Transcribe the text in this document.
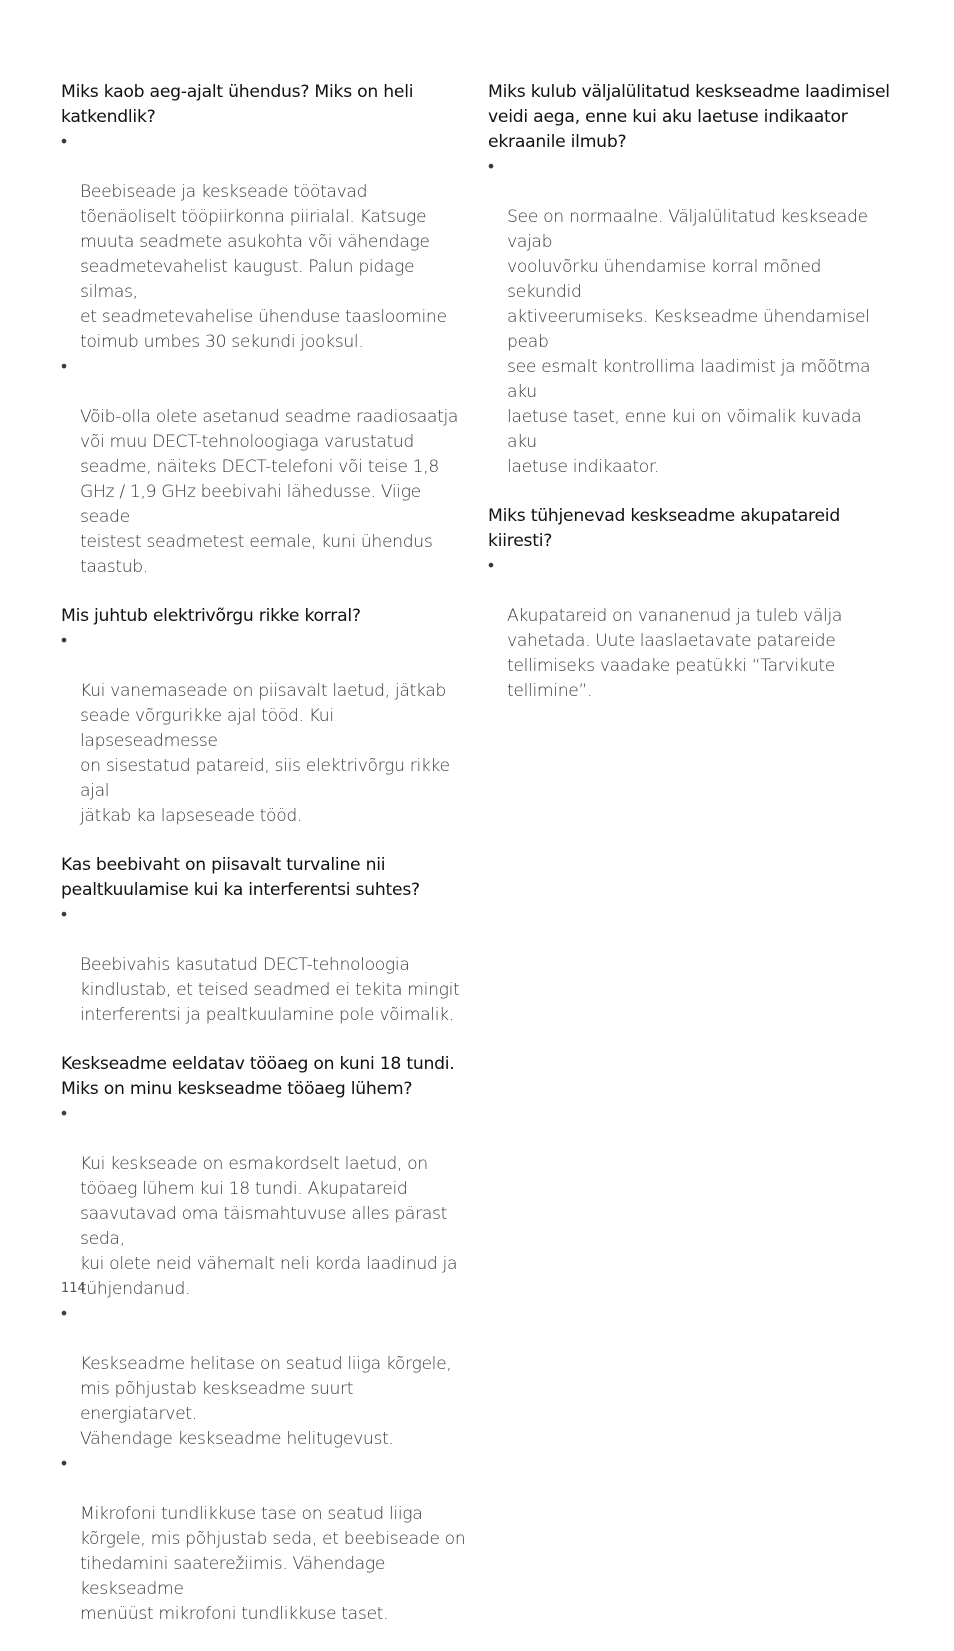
Miks kaob aeg-ajalt ühendus? Miks on heli
katkendlik?

•

Beebiseade ja keskseade töötavad
tõenäoliselt tööpiirkonna piirialal. Katsuge
muuta seadmete asukohta või vähendage
seadmetevahelist kaugust. Palun pidage silmas,
et seadmetevahelise ühenduse taasloomine
toimub umbes 30 sekundi jooksul.

•

Võib-olla olete asetanud seadme raadiosaatja
või muu DECT-tehnoloogiaga varustatud
seadme, näiteks DECT-telefoni või teise 1,8
GHz / 1,9 GHz beebivahi lähedusse. Viige seade
teistest seadmetest eemale, kuni ühendus
taastub.

Mis juhtub elektrivõrgu rikke korral?

•

Kui vanemaseade on piisavalt laetud, jätkab
seade võrgurikke ajal tööd. Kui lapseseadmesse
on sisestatud patareid, siis elektrivõrgu rikke ajal
jätkab ka lapseseade tööd.

Kas beebivaht on piisavalt turvaline nii
pealtkuulamise kui ka interferentsi suhtes?

•

Beebivahis kasutatud DECT-tehnoloogia
kindlustab, et teised seadmed ei tekita mingit
interferentsi ja pealtkuulamine pole võimalik.

Keskseadme eeldatav tööaeg on kuni 18 tundi.
Miks on minu keskseadme tööaeg lühem?

•

Kui keskseade on esmakordselt laetud, on
tööaeg lühem kui 18 tundi. Akupatareid
saavutavad oma täismahtuvuse alles pärast seda,
kui olete neid vähemalt neli korda laadinud ja
tühjendanud.

•

Keskseadme helitase on seatud liiga kõrgele,
mis põhjustab keskseadme suurt energiatarvet.
Vähendage keskseadme helitugevust.

•

Mikrofoni tundlikkuse tase on seatud liiga
kõrgele, mis põhjustab seda, et beebiseade on
tihedamini saaterežiimis. Vähendage keskseadme
menüüst mikrofoni tundlikkuse taset.

Miks kulub väljalülitatud keskseadme laadimisel
veidi aega, enne kui aku laetuse indikaator
ekraanile ilmub?

•

See on normaalne. Väljalülitatud keskseade vajab
vooluvõrku ühendamise korral mõned sekundid
aktiveerumiseks. Keskseadme ühendamisel peab
see esmalt kontrollima laadimist ja mõõtma aku
laetuse taset, enne kui on võimalik kuvada aku
laetuse indikaator.

Miks tühjenevad keskseadme akupatareid
kiiresti?

•

Akupatareid on vananenud ja tuleb välja
vahetada. Uute laaslaetavate patareide
tellimiseks vaadake peatükki “Tarvikute
tellimine”.

114
